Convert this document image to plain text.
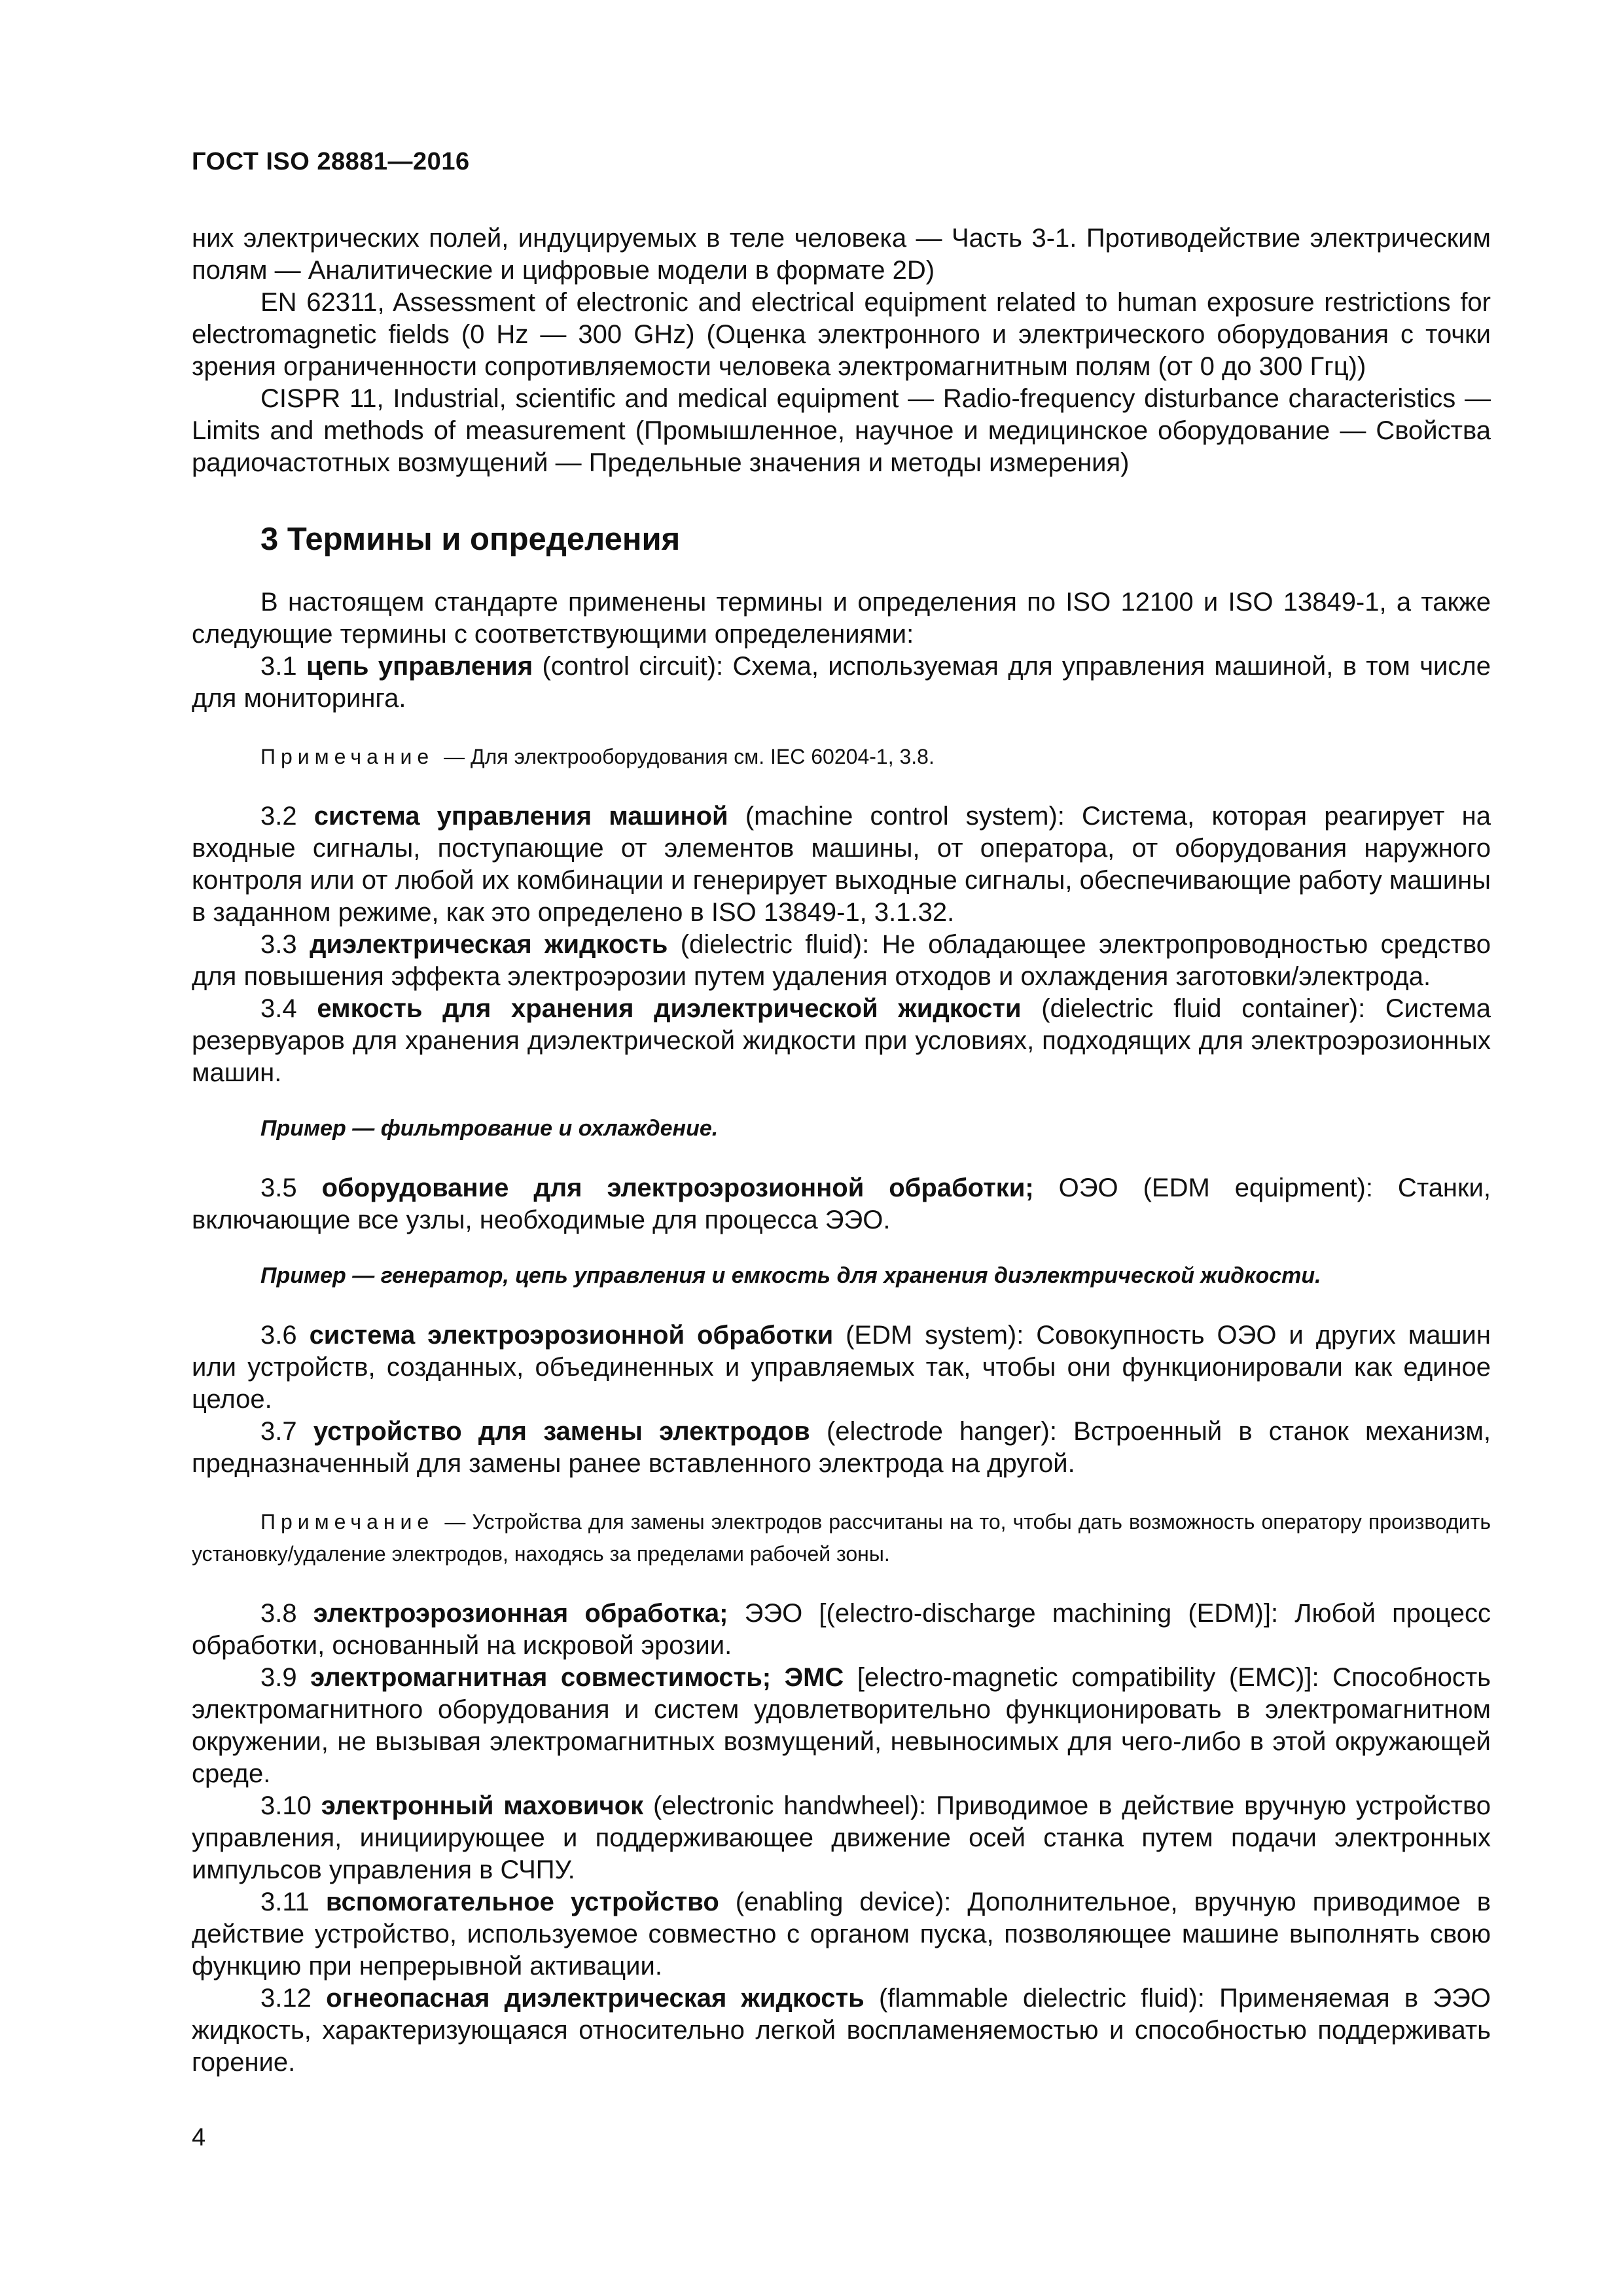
ГОСТ ISO 28881—2016

них электрических полей, индуцируемых в теле человека — Часть 3-1. Противодействие электрическим полям — Аналитические и цифровые модели в формате 2D)

EN 62311, Assessment of electronic and electrical equipment related to human exposure restrictions for electromagnetic fields (0 Hz — 300 GHz) (Оценка электронного и электрического оборудования с точки зрения ограниченности сопротивляемости человека электромагнитным полям (от 0 до 300 Ггц))

CISPR 11, Industrial, scientific and medical equipment — Radio-frequency disturbance characteristics — Limits and methods of measurement (Промышленное, научное и медицинское оборудование — Свойства радиочастотных возмущений — Предельные значения и методы измерения)

3 Термины и определения

В настоящем стандарте применены термины и определения по ISO 12100 и ISO 13849-1, а также следующие термины с соответствующими определениями:

3.1 цепь управления (control circuit): Схема, используемая для управления машиной, в том числе для мониторинга.

Примечание — Для электрооборудования см. IEC 60204-1, 3.8.

3.2 система управления машиной (machine control system): Система, которая реагирует на входные сигналы, поступающие от элементов машины, от оператора, от оборудования наружного контроля или от любой их комбинации и генерирует выходные сигналы, обеспечивающие работу машины в заданном режиме, как это определено в ISO 13849-1, 3.1.32.

3.3 диэлектрическая жидкость (dielectric fluid): Не обладающее электропроводностью средство для повышения эффекта электроэрозии путем удаления отходов и охлаждения заготовки/электрода.

3.4 емкость для хранения диэлектрической жидкости (dielectric fluid container): Система резервуаров для хранения диэлектрической жидкости при условиях, подходящих для электроэрозионных машин.

Пример — фильтрование и охлаждение.

3.5 оборудование для электроэрозионной обработки; ОЭО (EDM equipment): Станки, включающие все узлы, необходимые для процесса ЭЭО.

Пример — генератор, цепь управления и емкость для хранения диэлектрической жидкости.

3.6 система электроэрозионной обработки (EDM system): Совокупность ОЭО и других машин или устройств, созданных, объединенных и управляемых так, чтобы они функционировали как единое целое.

3.7 устройство для замены электродов (electrode hanger): Встроенный в станок механизм, предназначенный для замены ранее вставленного электрода на другой.

Примечание — Устройства для замены электродов рассчитаны на то, чтобы дать возможность оператору производить установку/удаление электродов, находясь за пределами рабочей зоны.

3.8 электроэрозионная обработка; ЭЭО [(electro-discharge machining (EDM)]: Любой процесс обработки, основанный на искровой эрозии.

3.9 электромагнитная совместимость; ЭМС [electro-magnetic compatibility (EMC)]: Способность электромагнитного оборудования и систем удовлетворительно функционировать в электромагнитном окружении, не вызывая электромагнитных возмущений, невыносимых для чего-либо в этой окружающей среде.

3.10 электронный маховичок (electronic handwheel): Приводимое в действие вручную устройство управления, инициирующее и поддерживающее движение осей станка путем подачи электронных импульсов управления в СЧПУ.

3.11 вспомогательное устройство (enabling device): Дополнительное, вручную приводимое в действие устройство, используемое совместно с органом пуска, позволяющее машине выполнять свою функцию при непрерывной активации.

3.12 огнеопасная диэлектрическая жидкость (flammable dielectric fluid): Применяемая в ЭЭО жидкость, характеризующаяся относительно легкой воспламеняемостью и способностью поддерживать горение.

4
